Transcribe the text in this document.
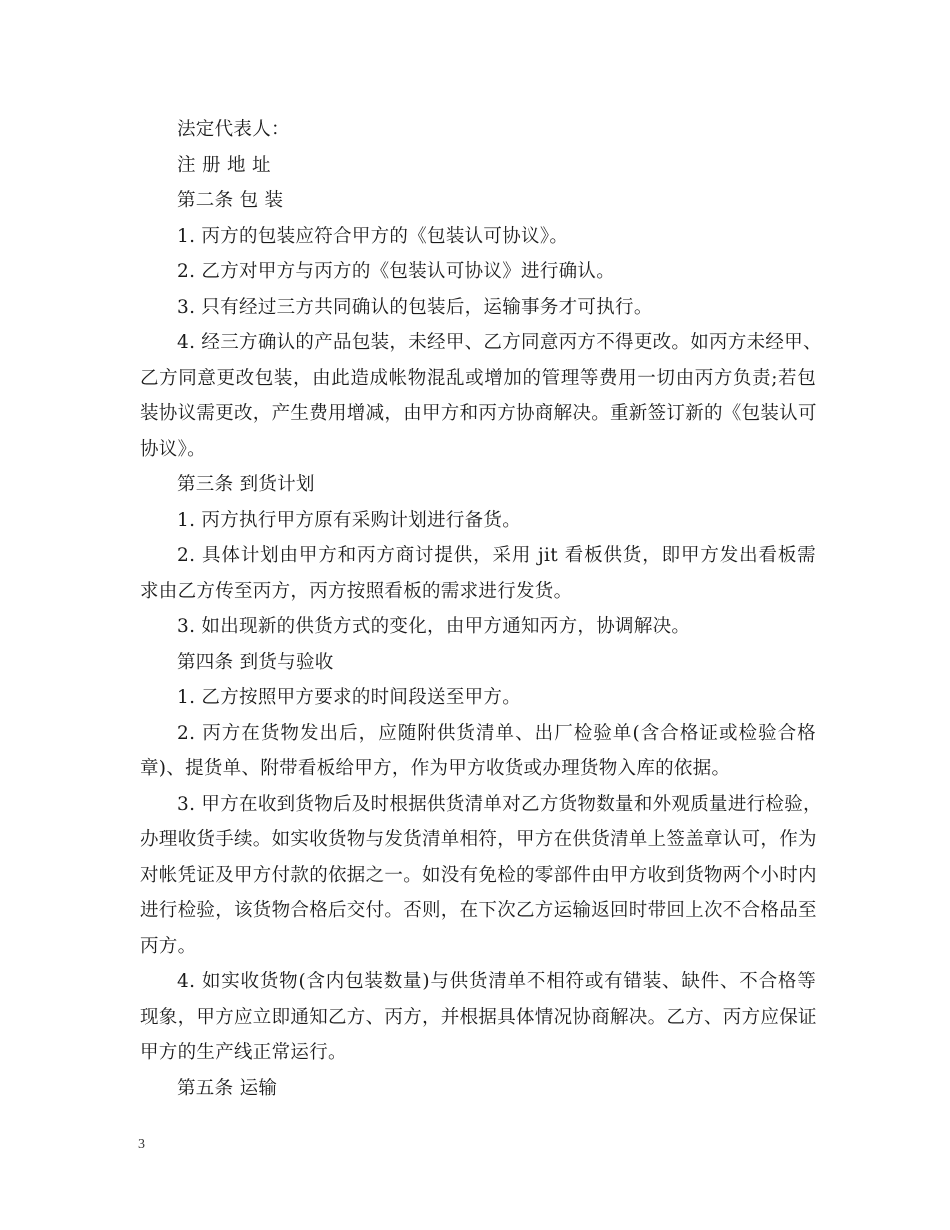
法定代表人：
注 册 地 址
第二条 包 装
1. 丙方的包装应符合甲方的《包装认可协议》。
2. 乙方对甲方与丙方的《包装认可协议》进行确认。
3. 只有经过三方共同确认的包装后，运输事务才可执行。
4. 经三方确认的产品包装，未经甲、乙方同意丙方不得更改。如丙方未经甲、
乙方同意更改包装，由此造成帐物混乱或增加的管理等费用一切由丙方负责;若包
装协议需更改，产生费用增减，由甲方和丙方协商解决。重新签订新的《包装认可
协议》。
第三条 到货计划
1. 丙方执行甲方原有采购计划进行备货。
2. 具体计划由甲方和丙方商讨提供，采用 jit 看板供货，即甲方发出看板需
求由乙方传至丙方，丙方按照看板的需求进行发货。
3. 如出现新的供货方式的变化，由甲方通知丙方，协调解决。
第四条 到货与验收
1. 乙方按照甲方要求的时间段送至甲方。
2. 丙方在货物发出后，应随附供货清单、出厂检验单(含合格证或检验合格
章)、提货单、附带看板给甲方，作为甲方收货或办理货物入库的依据。
3. 甲方在收到货物后及时根据供货清单对乙方货物数量和外观质量进行检验，
办理收货手续。如实收货物与发货清单相符，甲方在供货清单上签盖章认可，作为
对帐凭证及甲方付款的依据之一。如没有免检的零部件由甲方收到货物两个小时内
进行检验，该货物合格后交付。否则，在下次乙方运输返回时带回上次不合格品至
丙方。
4. 如实收货物(含内包装数量)与供货清单不相符或有错装、缺件、不合格等
现象，甲方应立即通知乙方、丙方，并根据具体情况协商解决。乙方、丙方应保证
甲方的生产线正常运行。
第五条 运输
3
